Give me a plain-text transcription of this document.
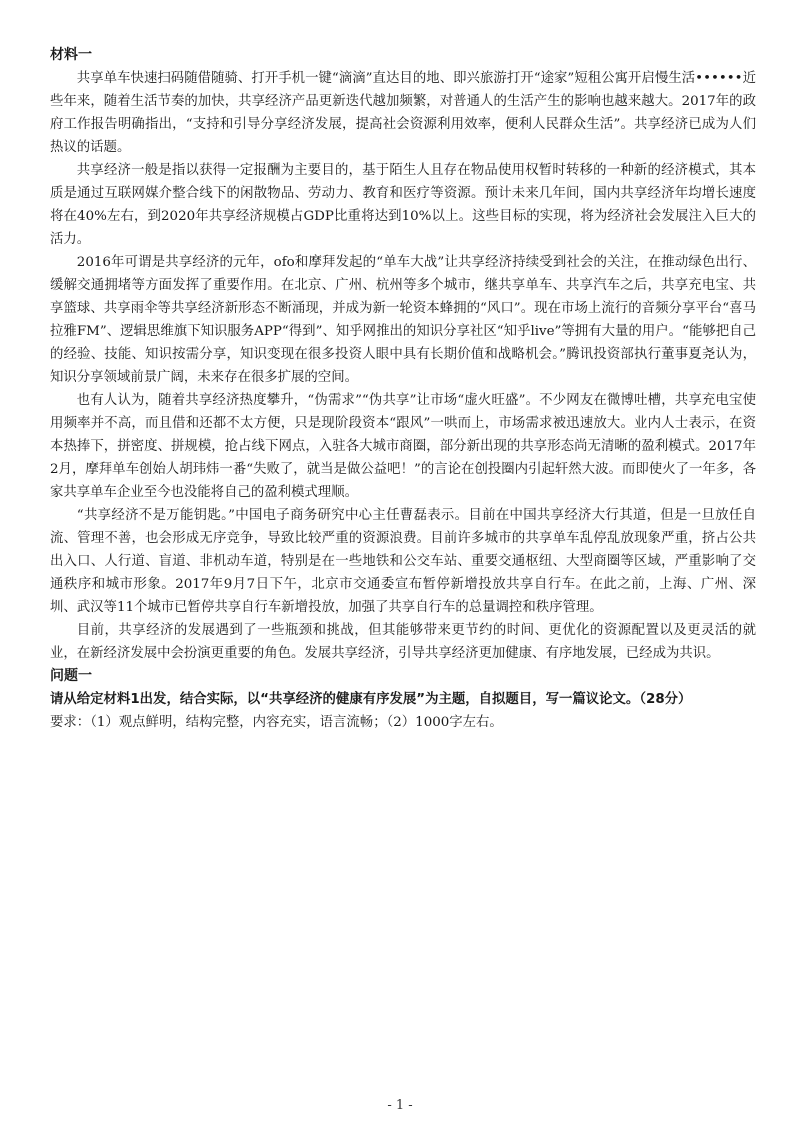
材料一

共享单车快速扫码随借随骑、打开手机一键“滴滴”直达目的地、即兴旅游打开“途家”短租公寓开启慢生活••••••近些年来，随着生活节奏的加快，共享经济产品更新迭代越加频繁，对普通人的生活产生的影响也越来越大。2017年的政府工作报告明确指出，“支持和引导分享经济发展，提高社会资源利用效率，便利人民群众生活”。共享经济已成为人们热议的话题。

共享经济一般是指以获得一定报酬为主要目的，基于陌生人且存在物品使用权暂时转移的一种新的经济模式，其本质是通过互联网媒介整合线下的闲散物品、劳动力、教育和医疗等资源。预计未来几年间，国内共享经济年均增长速度将在40%左右，到2020年共享经济规模占GDP比重将达到10%以上。这些目标的实现，将为经济社会发展注入巨大的活力。

2016年可谓是共享经济的元年，ofo和摩拜发起的“单车大战”让共享经济持续受到社会的关注，在推动绿色出行、缓解交通拥堵等方面发挥了重要作用。在北京、广州、杭州等多个城市，继共享单车、共享汽车之后，共享充电宝、共享篮球、共享雨伞等共享经济新形态不断涌现，并成为新一轮资本蜂拥的“风口”。现在市场上流行的音频分享平台“喜马拉雅FM”、逻辑思维旗下知识服务APP“得到”、知乎网推出的知识分享社区“知乎live”等拥有大量的用户。“能够把自己的经验、技能、知识按需分享，知识变现在很多投资人眼中具有长期价值和战略机会。”腾讯投资部执行董事夏尧认为，知识分享领域前景广阔，未来存在很多扩展的空间。

也有人认为，随着共享经济热度攀升，“伪需求”“伪共享”让市场“虚火旺盛”。不少网友在微博吐槽，共享充电宝使用频率并不高，而且借和还都不太方便，只是现阶段资本“跟风”一哄而上，市场需求被迅速放大。业内人士表示，在资本热捧下，拼密度、拼规模，抢占线下网点，入驻各大城市商圈，部分新出现的共享形态尚无清晰的盈利模式。2017年2月，摩拜单车创始人胡玮炜一番“失败了，就当是做公益吧！”的言论在创投圈内引起轩然大波。而即使火了一年多，各家共享单车企业至今也没能将自己的盈利模式理顺。

“共享经济不是万能钥匙。”中国电子商务研究中心主任曹磊表示。目前在中国共享经济大行其道，但是一旦放任自流、管理不善，也会形成无序竞争，导致比较严重的资源浪费。目前许多城市的共享单车乱停乱放现象严重，挤占公共出入口、人行道、盲道、非机动车道，特别是在一些地铁和公交车站、重要交通枢纽、大型商圈等区域，严重影响了交通秩序和城市形象。2017年9月7日下午，北京市交通委宣布暂停新增投放共享自行车。在此之前，上海、广州、深圳、武汉等11个城市已暂停共享自行车新增投放，加强了共享自行车的总量调控和秩序管理。

目前，共享经济的发展遇到了一些瓶颈和挑战，但其能够带来更节约的时间、更优化的资源配置以及更灵活的就业，在新经济发展中会扮演更重要的角色。发展共享经济，引导共享经济更加健康、有序地发展，已经成为共识。

问题一

请从给定材料1出发，结合实际，以“共享经济的健康有序发展”为主题，自拟题目，写一篇议论文。（28分）

要求：（1）观点鲜明，结构完整，内容充实，语言流畅；（2）1000字左右。

- 1 -
